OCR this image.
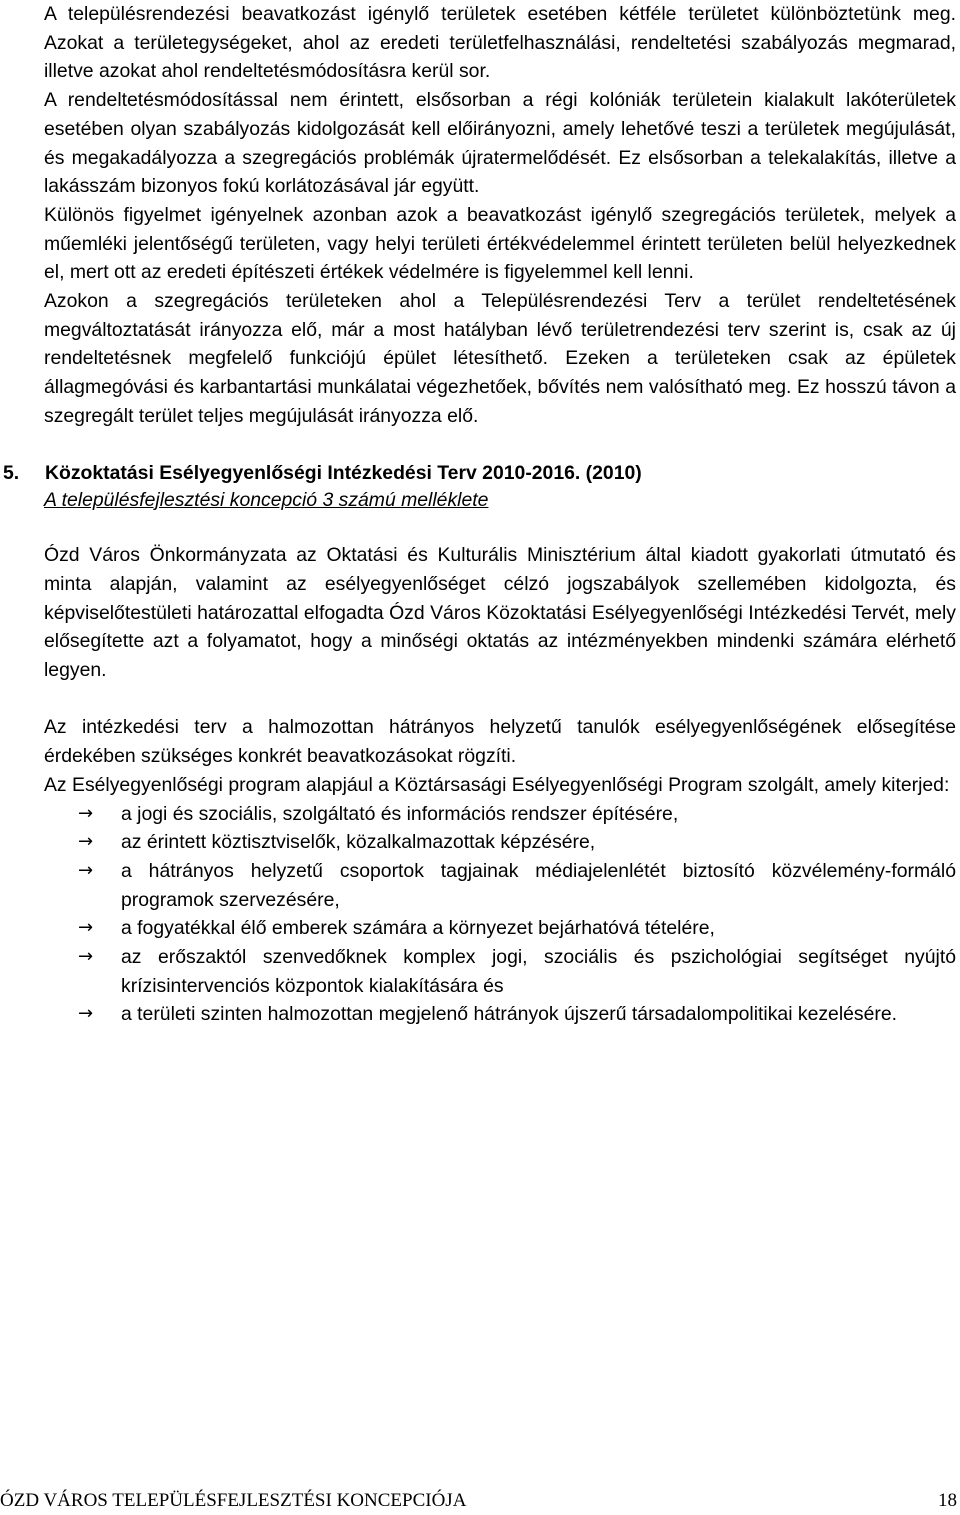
A településrendezési beavatkozást igénylő területek esetében kétféle területet különböztetünk meg. Azokat a területegységeket, ahol az eredeti területfelhasználási, rendeltetési szabályozás megmarad, illetve azokat ahol rendeltetésmódosításra kerül sor.

A rendeltetésmódosítással nem érintett, elsősorban a régi kolóniák területein kialakult lakóterületek esetében olyan szabályozás kidolgozását kell előirányozni, amely lehetővé teszi a területek megújulását, és megakadályozza a szegregációs problémák újratermelődését. Ez elsősorban a telekalakítás, illetve a lakásszám bizonyos fokú korlátozásával jár együtt.

Különös figyelmet igényelnek azonban azok a beavatkozást igénylő szegregációs területek, melyek a műemléki jelentőségű területen, vagy helyi területi értékvédelemmel érintett területen belül helyezkednek el, mert ott az eredeti építészeti értékek védelmére is figyelemmel kell lenni.

Azokon a szegregációs területeken ahol a Településrendezési Terv a terület rendeltetésének megváltoztatását irányozza elő, már a most hatályban lévő területrendezési terv szerint is, csak az új rendeltetésnek megfelelő funkciójú épület létesíthető. Ezeken a területeken csak az épületek állagmegóvási és karbantartási munkálatai végezhetőek, bővítés nem valósítható meg. Ez hosszú távon a szegregált terület teljes megújulását irányozza elő.

5. Közoktatási Esélyegyenlőségi Intézkedési Terv 2010-2016. (2010)
A településfejlesztési koncepció 3 számú melléklete

Ózd Város Önkormányzata az Oktatási és Kulturális Minisztérium által kiadott gyakorlati útmutató és minta alapján, valamint az esélyegyenlőséget célzó jogszabályok szellemében kidolgozta, és képviselőtestületi határozattal elfogadta Ózd Város Közoktatási Esélyegyenlőségi Intézkedési Tervét, mely elősegítette azt a folyamatot, hogy a minőségi oktatás az intézményekben mindenki számára elérhető legyen.

Az intézkedési terv a halmozottan hátrányos helyzetű tanulók esélyegyenlőségének elősegítése érdekében szükséges konkrét beavatkozásokat rögzíti.

Az Esélyegyenlőségi program alapjául a Köztársasági Esélyegyenlőségi Program szolgált, amely kiterjed:

→ a jogi és szociális, szolgáltató és információs rendszer építésére,
→ az érintett köztisztviselők, közalkalmazottak képzésére,
→ a hátrányos helyzetű csoportok tagjainak médiajelenlétét biztosító közvélemény-formáló programok szervezésére,
→ a fogyatékkal élő emberek számára a környezet bejárhatóvá tételére,
→ az erőszaktól szenvedőknek komplex jogi, szociális és pszichológiai segítséget nyújtó krízisintervenciós központok kialakítására és
→ a területi szinten halmozottan megjelenő hátrányok újszerű társadalompolitikai kezelésére.
ÓZD VÁROS TELEPÜLÉSFEJLESZTÉSI KONCEPCIÓJA	18
